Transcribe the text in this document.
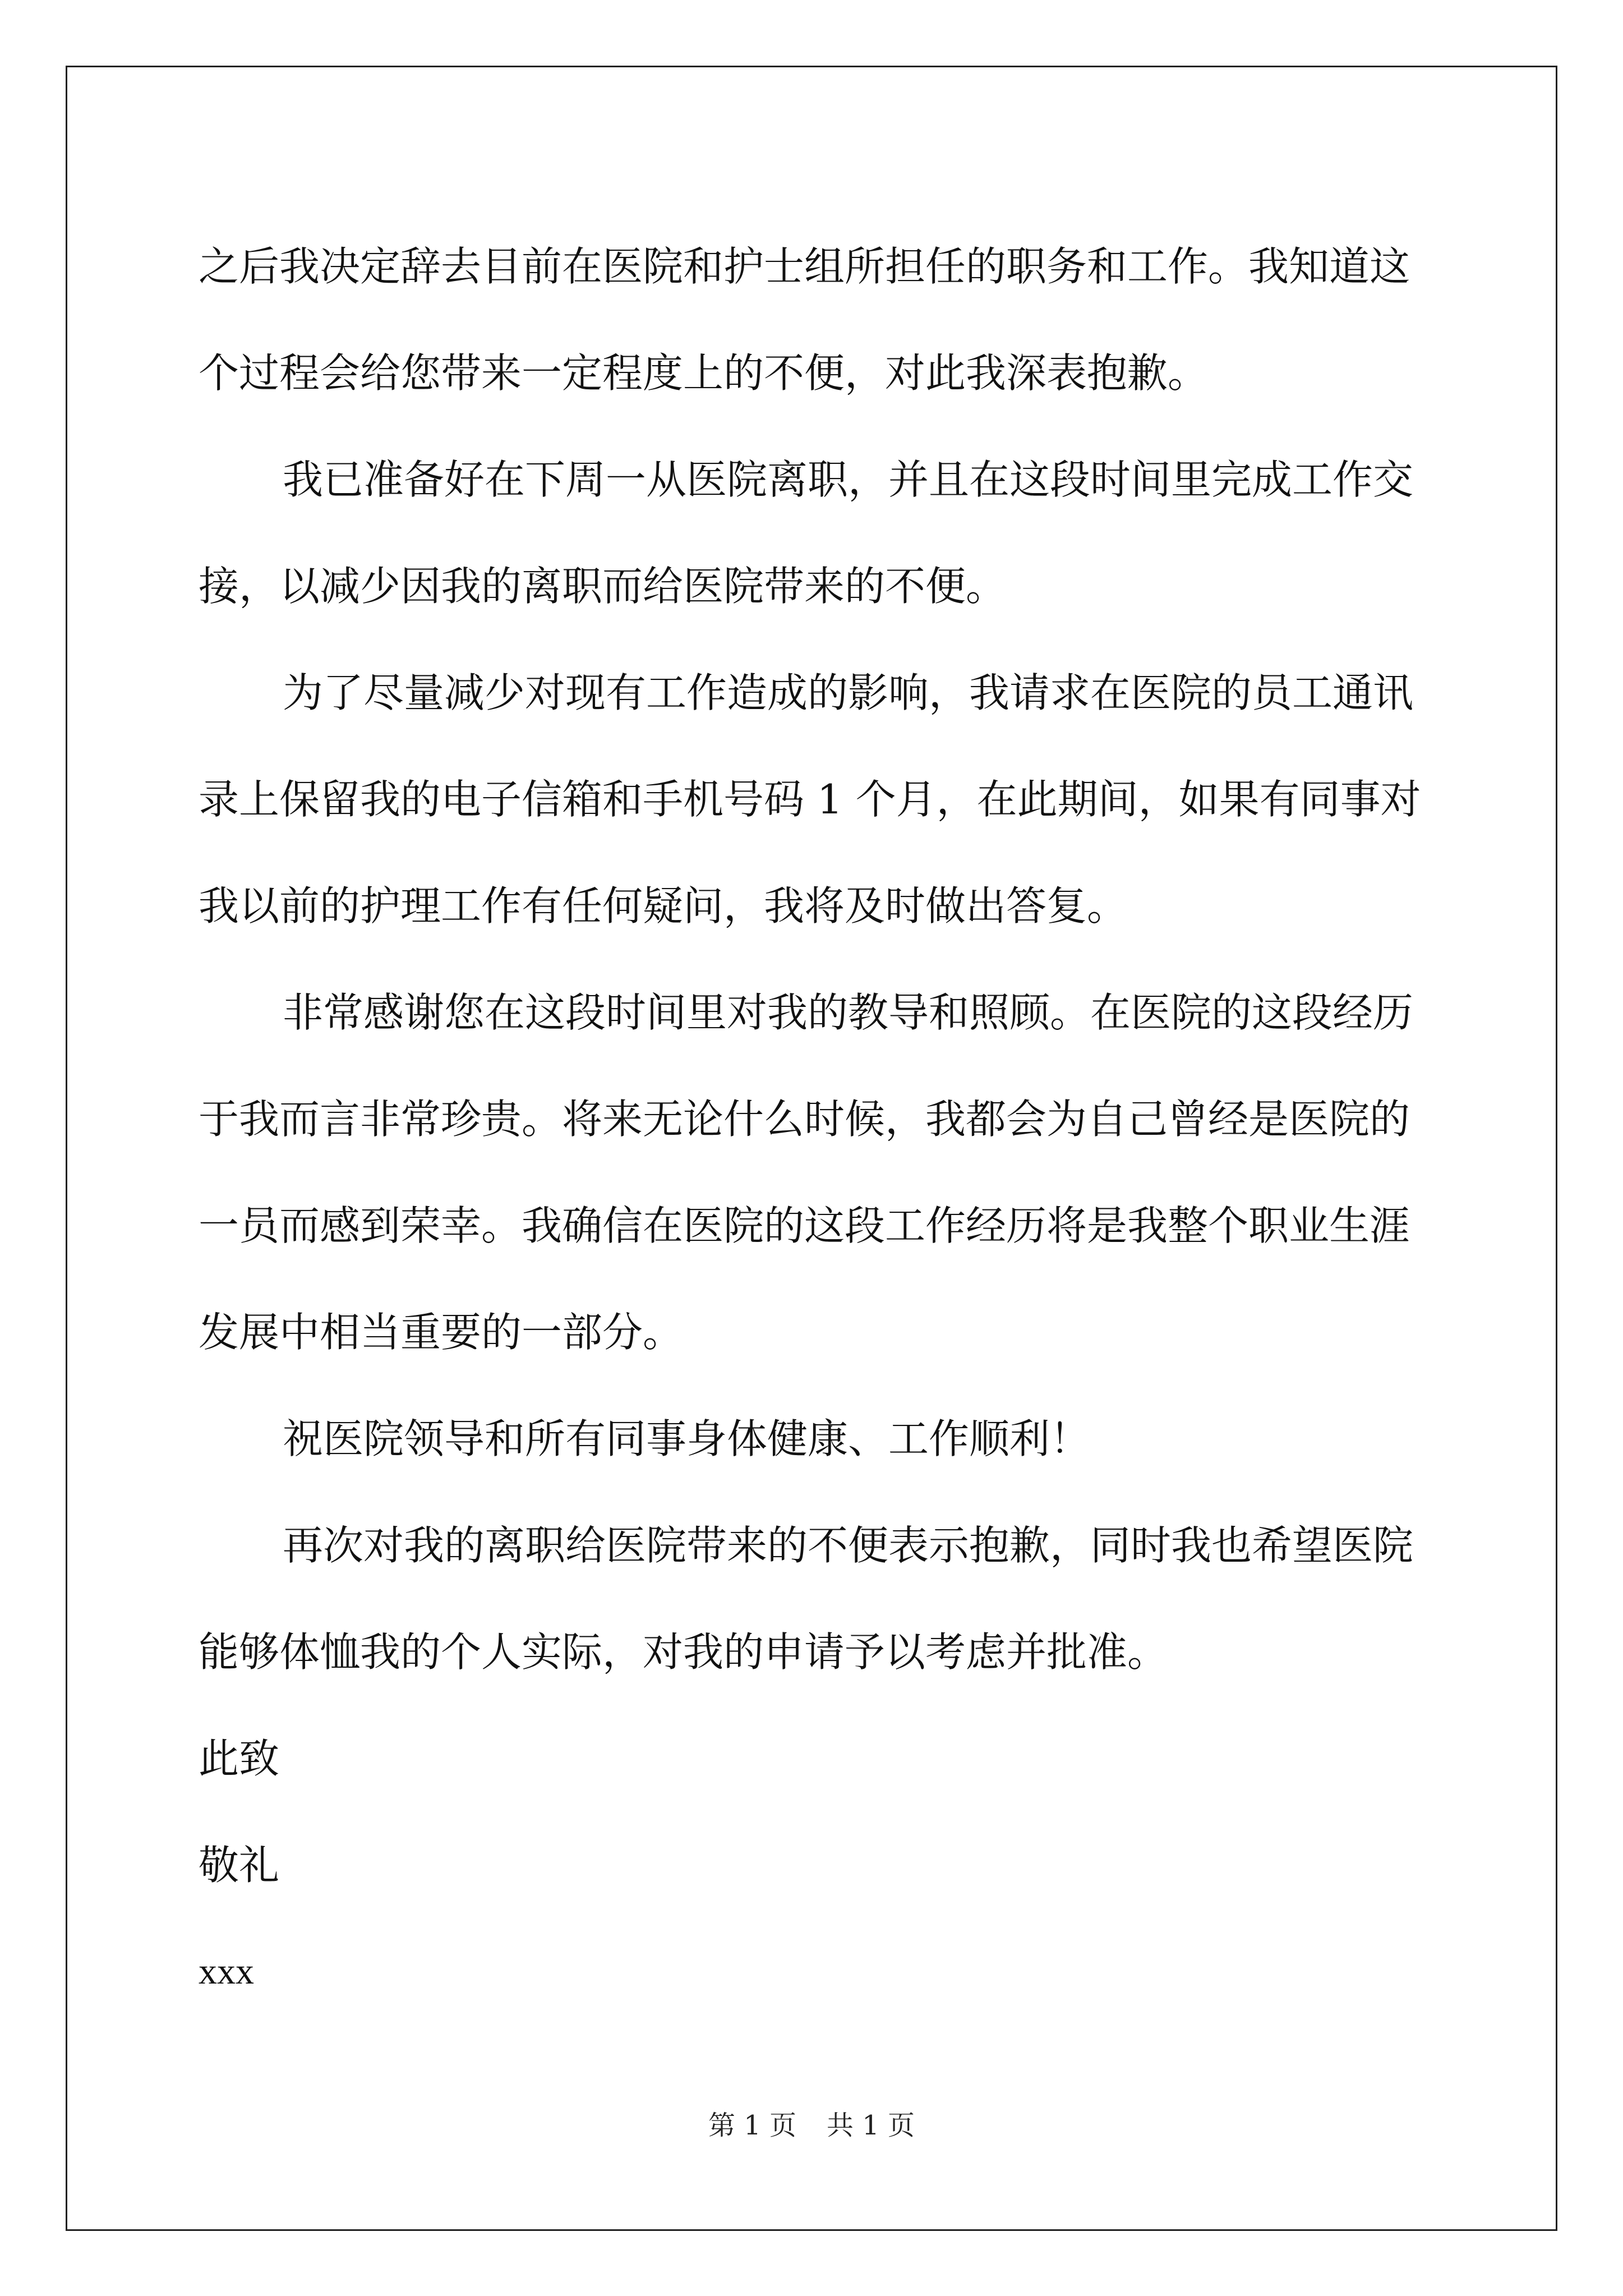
之后我决定辞去目前在医院和护士组所担任的职务和工作。我知道这
个过程会给您带来一定程度上的不便，对此我深表抱歉。
我已准备好在下周一从医院离职，并且在这段时间里完成工作交
接，以减少因我的离职而给医院带来的不便。
为了尽量减少对现有工作造成的影响，我请求在医院的员工通讯
录上保留我的电子信箱和手机号码 1 个月，在此期间，如果有同事对
我以前的护理工作有任何疑问，我将及时做出答复。
非常感谢您在这段时间里对我的教导和照顾。在医院的这段经历
于我而言非常珍贵。将来无论什么时候，我都会为自己曾经是医院的
一员而感到荣幸。我确信在医院的这段工作经历将是我整个职业生涯
发展中相当重要的一部分。
祝医院领导和所有同事身体健康、工作顺利！
再次对我的离职给医院带来的不便表示抱歉，同时我也希望医院
能够体恤我的个人实际，对我的申请予以考虑并批准。
此致
敬礼
xxx
第 1 页 共 1 页
